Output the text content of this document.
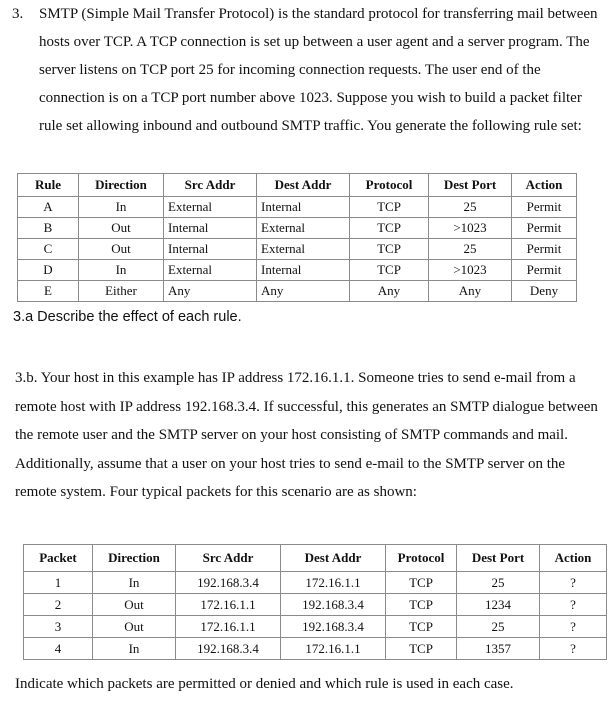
3. SMTP (Simple Mail Transfer Protocol) is the standard protocol for transferring mail between hosts over TCP. A TCP connection is set up between a user agent and a server program. The server listens on TCP port 25 for incoming connection requests. The user end of the connection is on a TCP port number above 1023. Suppose you wish to build a packet filter rule set allowing inbound and outbound SMTP traffic. You generate the following rule set:
Rule	Direction	Src Addr	Dest Addr	Protocol	Dest Port	Action
A	In	External	Internal	TCP	25	Permit
B	Out	Internal	External	TCP	>1023	Permit
C	Out	Internal	External	TCP	25	Permit
D	In	External	Internal	TCP	>1023	Permit
E	Either	Any	Any	Any	Any	Deny
3.a Describe the effect of each rule.
3.b. Your host in this example has IP address 172.16.1.1. Someone tries to send e-mail from a remote host with IP address 192.168.3.4. If successful, this generates an SMTP dialogue between the remote user and the SMTP server on your host consisting of SMTP commands and mail. Additionally, assume that a user on your host tries to send e-mail to the SMTP server on the remote system. Four typical packets for this scenario are as shown:
Packet	Direction	Src Addr	Dest Addr	Protocol	Dest Port	Action
1	In	192.168.3.4	172.16.1.1	TCP	25	?
2	Out	172.16.1.1	192.168.3.4	TCP	1234	?
3	Out	172.16.1.1	192.168.3.4	TCP	25	?
4	In	192.168.3.4	172.16.1.1	TCP	1357	?
Indicate which packets are permitted or denied and which rule is used in each case.
